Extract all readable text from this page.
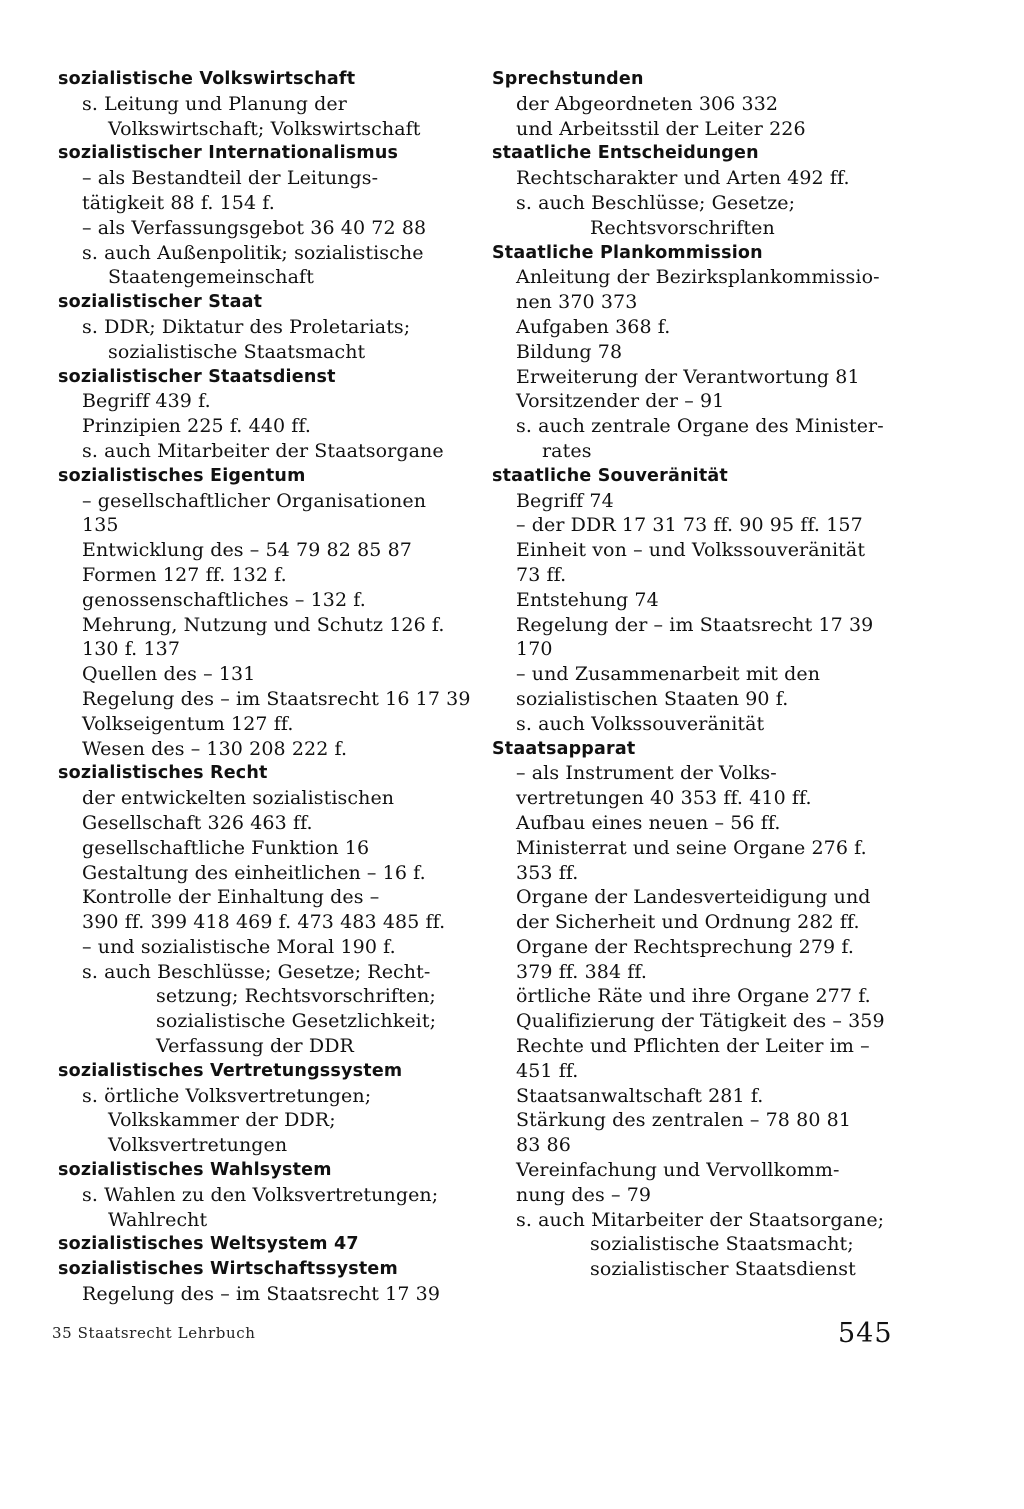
sozialistische Volkswirtschaft
s. Leitung und Planung der
Volkswirtschaft; Volkswirtschaft
sozialistischer Internationalismus
– als Bestandteil der Leitungs-
tätigkeit 88 f. 154 f.
– als Verfassungsgebot 36 40 72 88
s. auch Außenpolitik; sozialistische
Staatengemeinschaft
sozialistischer Staat
s. DDR; Diktatur des Proletariats;
sozialistische Staatsmacht
sozialistischer Staatsdienst
Begriff 439 f.
Prinzipien 225 f. 440 ff.
s. auch Mitarbeiter der Staatsorgane
sozialistisches Eigentum
– gesellschaftlicher Organisationen
135
Entwicklung des – 54 79 82 85 87
Formen 127 ff. 132 f.
genossenschaftliches – 132 f.
Mehrung, Nutzung und Schutz 126 f.
130 f. 137
Quellen des – 131
Regelung des – im Staatsrecht 16 17 39
Volkseigentum 127 ff.
Wesen des – 130 208 222 f.
sozialistisches Recht
der entwickelten sozialistischen
Gesellschaft 326 463 ff.
gesellschaftliche Funktion 16
Gestaltung des einheitlichen – 16 f.
Kontrolle der Einhaltung des –
390 ff. 399 418 469 f. 473 483 485 ff.
– und sozialistische Moral 190 f.
s. auch Beschlüsse; Gesetze; Recht-
setzung; Rechtsvorschriften;
sozialistische Gesetzlichkeit;
Verfassung der DDR
sozialistisches Vertretungssystem
s. örtliche Volksvertretungen;
Volkskammer der DDR;
Volksvertretungen
sozialistisches Wahlsystem
s. Wahlen zu den Volksvertretungen;
Wahlrecht
sozialistisches Weltsystem 47
sozialistisches Wirtschaftssystem
Regelung des – im Staatsrecht 17 39
Sprechstunden
der Abgeordneten 306 332
und Arbeitsstil der Leiter 226
staatliche Entscheidungen
Rechtscharakter und Arten 492 ff.
s. auch Beschlüsse; Gesetze;
Rechtsvorschriften
Staatliche Plankommission
Anleitung der Bezirksplankommissio-
nen 370 373
Aufgaben 368 f.
Bildung 78
Erweiterung der Verantwortung 81
Vorsitzender der – 91
s. auch zentrale Organe des Minister-
rates
staatliche Souveränität
Begriff 74
– der DDR 17 31 73 ff. 90 95 ff. 157
Einheit von – und Volkssouveränität
73 ff.
Entstehung 74
Regelung der – im Staatsrecht 17 39
170
– und Zusammenarbeit mit den
sozialistischen Staaten 90 f.
s. auch Volkssouveränität
Staatsapparat
– als Instrument der Volks-
vertretungen 40 353 ff. 410 ff.
Aufbau eines neuen – 56 ff.
Ministerrat und seine Organe 276 f.
353 ff.
Organe der Landesverteidigung und
der Sicherheit und Ordnung 282 ff.
Organe der Rechtsprechung 279 f.
379 ff. 384 ff.
örtliche Räte und ihre Organe 277 f.
Qualifizierung der Tätigkeit des – 359
Rechte und Pflichten der Leiter im –
451 ff.
Staatsanwaltschaft 281 f.
Stärkung des zentralen – 78 80 81
83 86
Vereinfachung und Vervollkomm-
nung des – 79
s. auch Mitarbeiter der Staatsorgane;
sozialistische Staatsmacht;
sozialistischer Staatsdienst
35 Staatsrecht Lehrbuch	545
